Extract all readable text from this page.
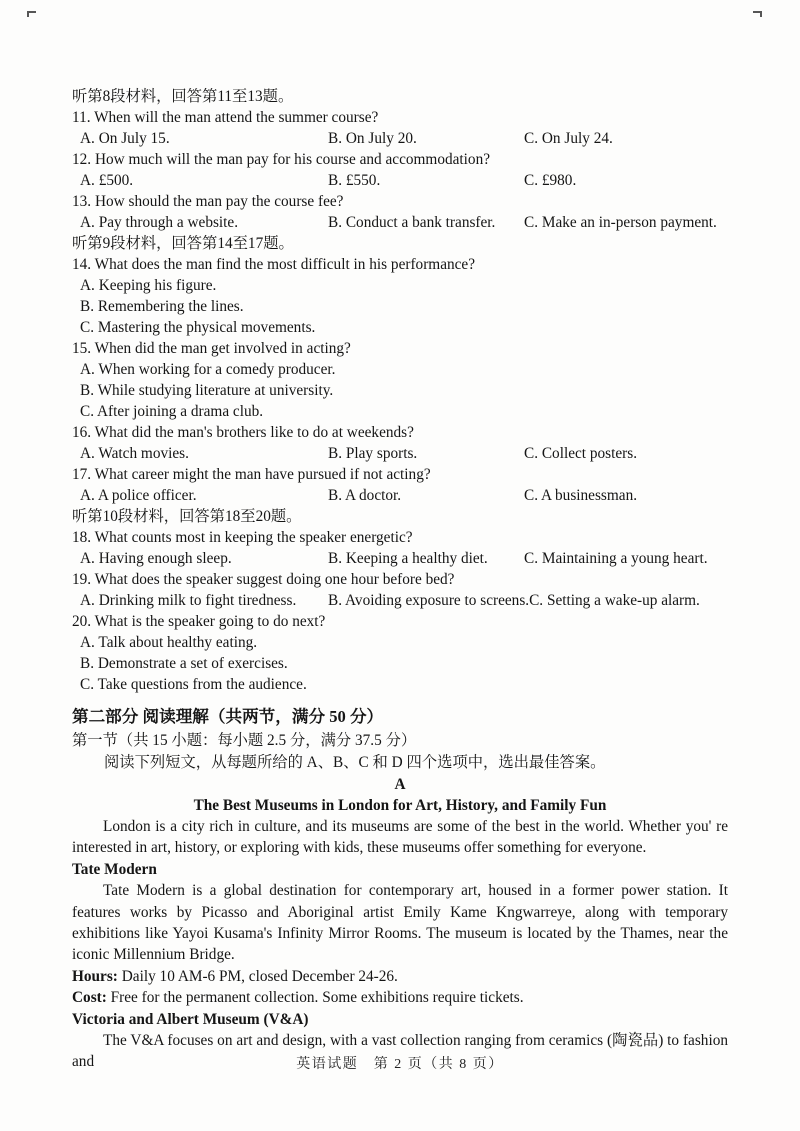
听第8段材料，回答第11至13题。
11. When will the man attend the summer course?
A. On July 15.	B. On July 20.	C. On July 24.
12. How much will the man pay for his course and accommodation?
A. £500.	B. £550.	C. £980.
13. How should the man pay the course fee?
A. Pay through a website.	B. Conduct a bank transfer.	C. Make an in-person payment.
听第9段材料，回答第14至17题。
14. What does the man find the most difficult in his performance?
A. Keeping his figure.
B. Remembering the lines.
C. Mastering the physical movements.
15. When did the man get involved in acting?
A. When working for a comedy producer.
B. While studying literature at university.
C. After joining a drama club.
16. What did the man's brothers like to do at weekends?
A. Watch movies.	B. Play sports.	C. Collect posters.
17. What career might the man have pursued if not acting?
A. A police officer.	B. A doctor.	C. A businessman.
听第10段材料，回答第18至20题。
18. What counts most in keeping the speaker energetic?
A. Having enough sleep.	B. Keeping a healthy diet.	C. Maintaining a young heart.
19. What does the speaker suggest doing one hour before bed?
A. Drinking milk to fight tiredness.	B. Avoiding exposure to screens. C. Setting a wake-up alarm.
20. What is the speaker going to do next?
A. Talk about healthy eating.
B. Demonstrate a set of exercises.
C. Take questions from the audience.
第二部分 阅读理解（共两节，满分 50 分）
第一节（共 15 小题：每小题 2.5 分，满分 37.5 分）
阅读下列短文，从每题所给的 A、B、C 和 D 四个选项中，选出最佳答案。
A
The Best Museums in London for Art, History, and Family Fun

London is a city rich in culture, and its museums are some of the best in the world. Whether you' re interested in art, history, or exploring with kids, these museums offer something for everyone.

Tate Modern

Tate Modern is a global destination for contemporary art, housed in a former power station. It features works by Picasso and Aboriginal artist Emily Kame Kngwarreye, along with temporary exhibitions like Yayoi Kusama's Infinity Mirror Rooms. The museum is located by the Thames, near the iconic Millennium Bridge.

Hours: Daily 10 AM-6 PM, closed December 24-26.
Cost: Free for the permanent collection. Some exhibitions require tickets.
Victoria and Albert Museum (V&A)

The V&A focuses on art and design, with a vast collection ranging from ceramics (陶瓷品) to fashion and	英语试题　第 2 页（共 8 页）
